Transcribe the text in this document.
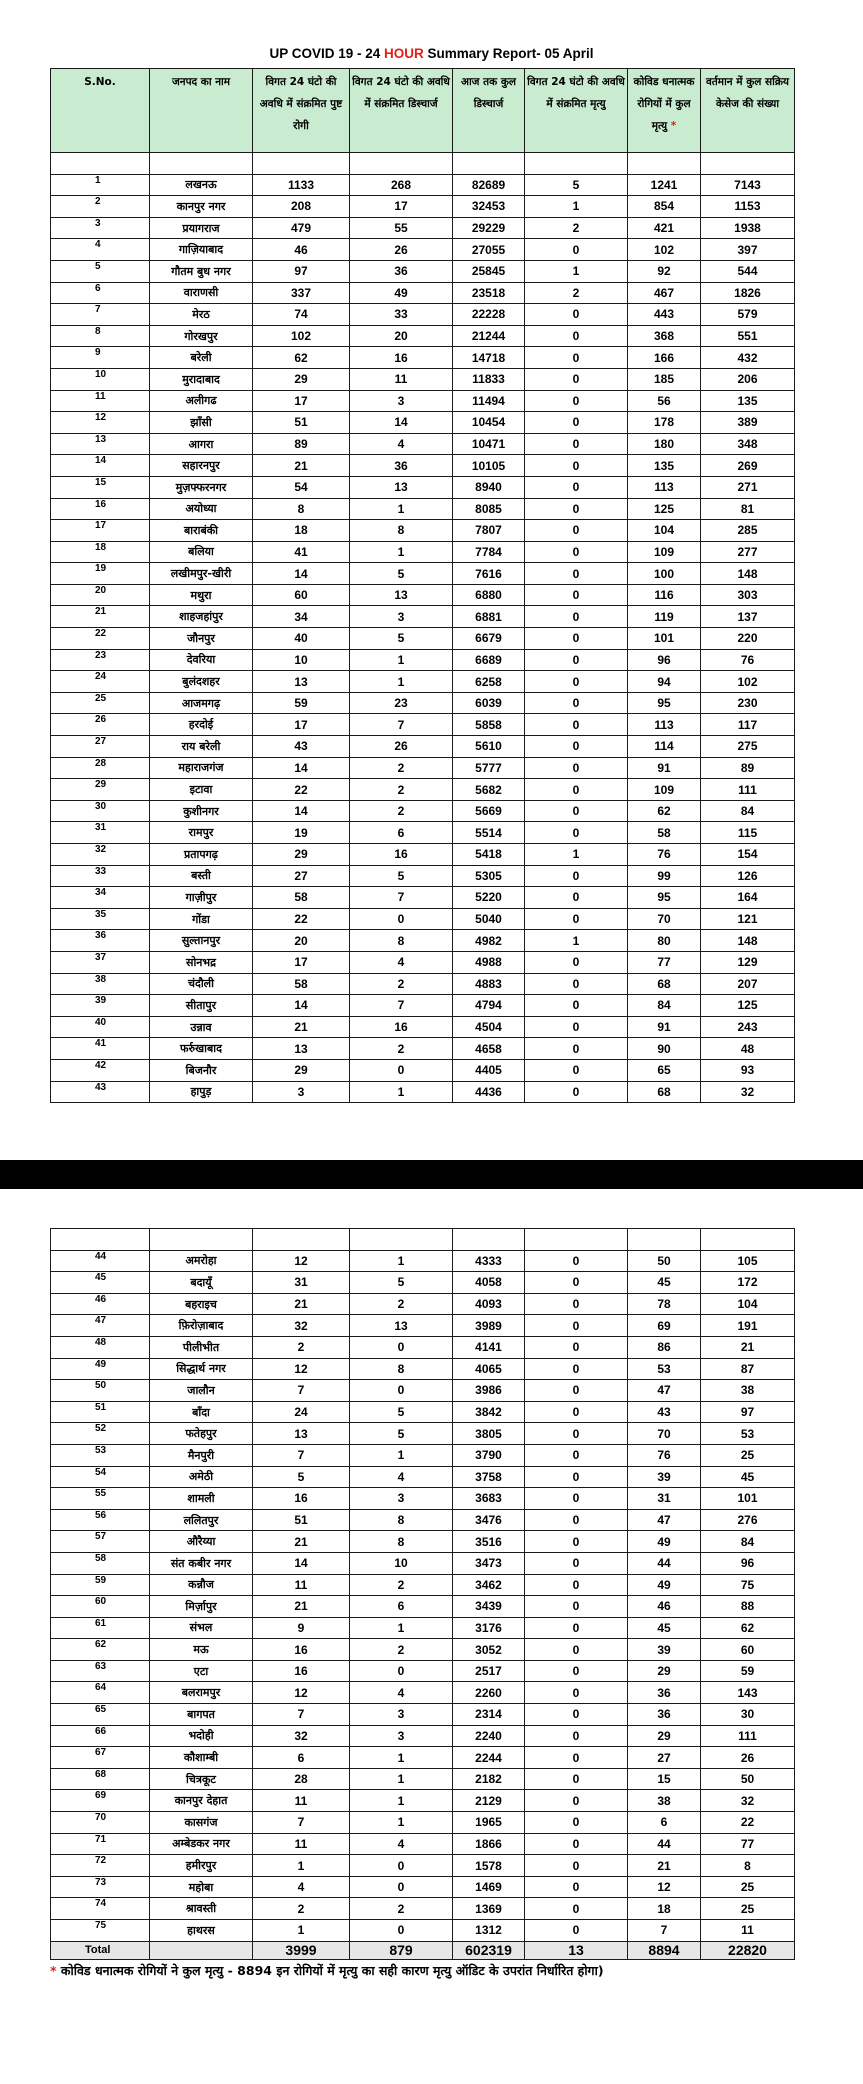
UP COVID 19 - 24 HOUR Summary Report- 05 April
S.No.	जनपद का नाम	विगत 24 घंटो की अवधि में संक्रमित पुष्ट रोगी	विगत 24 घंटो की अवधि में संक्रमित डिस्चार्ज	आज तक कुल डिस्चार्ज	विगत 24 घंटो की अवधि में संक्रमित मृत्यु	कोविड धनात्मक रोगियों में कुल मृत्यु *	वर्तमान में कुल सक्रिय केसेज की संख्या

1	लखनऊ	1133	268	82689	5	1241	7143
2	कानपुर नगर	208	17	32453	1	854	1153
3	प्रयागराज	479	55	29229	2	421	1938
4	गाज़ियाबाद	46	26	27055	0	102	397
5	गौतम बुध नगर	97	36	25845	1	92	544
6	वाराणसी	337	49	23518	2	467	1826
7	मेरठ	74	33	22228	0	443	579
8	गोरखपुर	102	20	21244	0	368	551
9	बरेली	62	16	14718	0	166	432
10	मुरादाबाद	29	11	11833	0	185	206
11	अलीगढ	17	3	11494	0	56	135
12	झाँसी	51	14	10454	0	178	389
13	आगरा	89	4	10471	0	180	348
14	सहारनपुर	21	36	10105	0	135	269
15	मुज़फ्फरनगर	54	13	8940	0	113	271
16	अयोध्या	8	1	8085	0	125	81
17	बाराबंकी	18	8	7807	0	104	285
18	बलिया	41	1	7784	0	109	277
19	लखीमपुर-खीरी	14	5	7616	0	100	148
20	मथुरा	60	13	6880	0	116	303
21	शाहजहांपुर	34	3	6881	0	119	137
22	जौनपुर	40	5	6679	0	101	220
23	देवरिया	10	1	6689	0	96	76
24	बुलंदशहर	13	1	6258	0	94	102
25	आजमगढ़	59	23	6039	0	95	230
26	हरदोई	17	7	5858	0	113	117
27	राय बरेली	43	26	5610	0	114	275
28	महाराजगंज	14	2	5777	0	91	89
29	इटावा	22	2	5682	0	109	111
30	कुशीनगर	14	2	5669	0	62	84
31	रामपुर	19	6	5514	0	58	115
32	प्रतापगढ़	29	16	5418	1	76	154
33	बस्ती	27	5	5305	0	99	126
34	गाज़ीपुर	58	7	5220	0	95	164
35	गोंडा	22	0	5040	0	70	121
36	सुल्तानपुर	20	8	4982	1	80	148
37	सोनभद्र	17	4	4988	0	77	129
38	चंदौली	58	2	4883	0	68	207
39	सीतापुर	14	7	4794	0	84	125
40	उन्नाव	21	16	4504	0	91	243
41	फर्रुखाबाद	13	2	4658	0	90	48
42	बिजनौर	29	0	4405	0	65	93
43	हापुड़	3	1	4436	0	68	32

44	अमरोहा	12	1	4333	0	50	105
45	बदायूँ	31	5	4058	0	45	172
46	बहराइच	21	2	4093	0	78	104
47	फ़िरोज़ाबाद	32	13	3989	0	69	191
48	पीलीभीत	2	0	4141	0	86	21
49	सिद्धार्थ नगर	12	8	4065	0	53	87
50	जालौन	7	0	3986	0	47	38
51	बाँदा	24	5	3842	0	43	97
52	फतेहपुर	13	5	3805	0	70	53
53	मैनपुरी	7	1	3790	0	76	25
54	अमेठी	5	4	3758	0	39	45
55	शामली	16	3	3683	0	31	101
56	ललितपुर	51	8	3476	0	47	276
57	औरैय्या	21	8	3516	0	49	84
58	संत कबीर नगर	14	10	3473	0	44	96
59	कन्नौज	11	2	3462	0	49	75
60	मिर्ज़ापुर	21	6	3439	0	46	88
61	संभल	9	1	3176	0	45	62
62	मऊ	16	2	3052	0	39	60
63	एटा	16	0	2517	0	29	59
64	बलरामपुर	12	4	2260	0	36	143
65	बागपत	7	3	2314	0	36	30
66	भदोही	32	3	2240	0	29	111
67	कौशाम्बी	6	1	2244	0	27	26
68	चित्रकूट	28	1	2182	0	15	50
69	कानपुर देहात	11	1	2129	0	38	32
70	कासगंज	7	1	1965	0	6	22
71	अम्बेडकर नगर	11	4	1866	0	44	77
72	हमीरपुर	1	0	1578	0	21	8
73	महोबा	4	0	1469	0	12	25
74	श्रावस्ती	2	2	1369	0	18	25
75	हाथरस	1	0	1312	0	7	11
Total		3999	879	602319	13	8894	22820
* कोविड धनात्मक रोगियों ने कुल मृत्यु - 8894 इन रोगियों में मृत्यु का सही कारण मृत्यु ऑडिट के उपरांत निर्धारित होगा)
